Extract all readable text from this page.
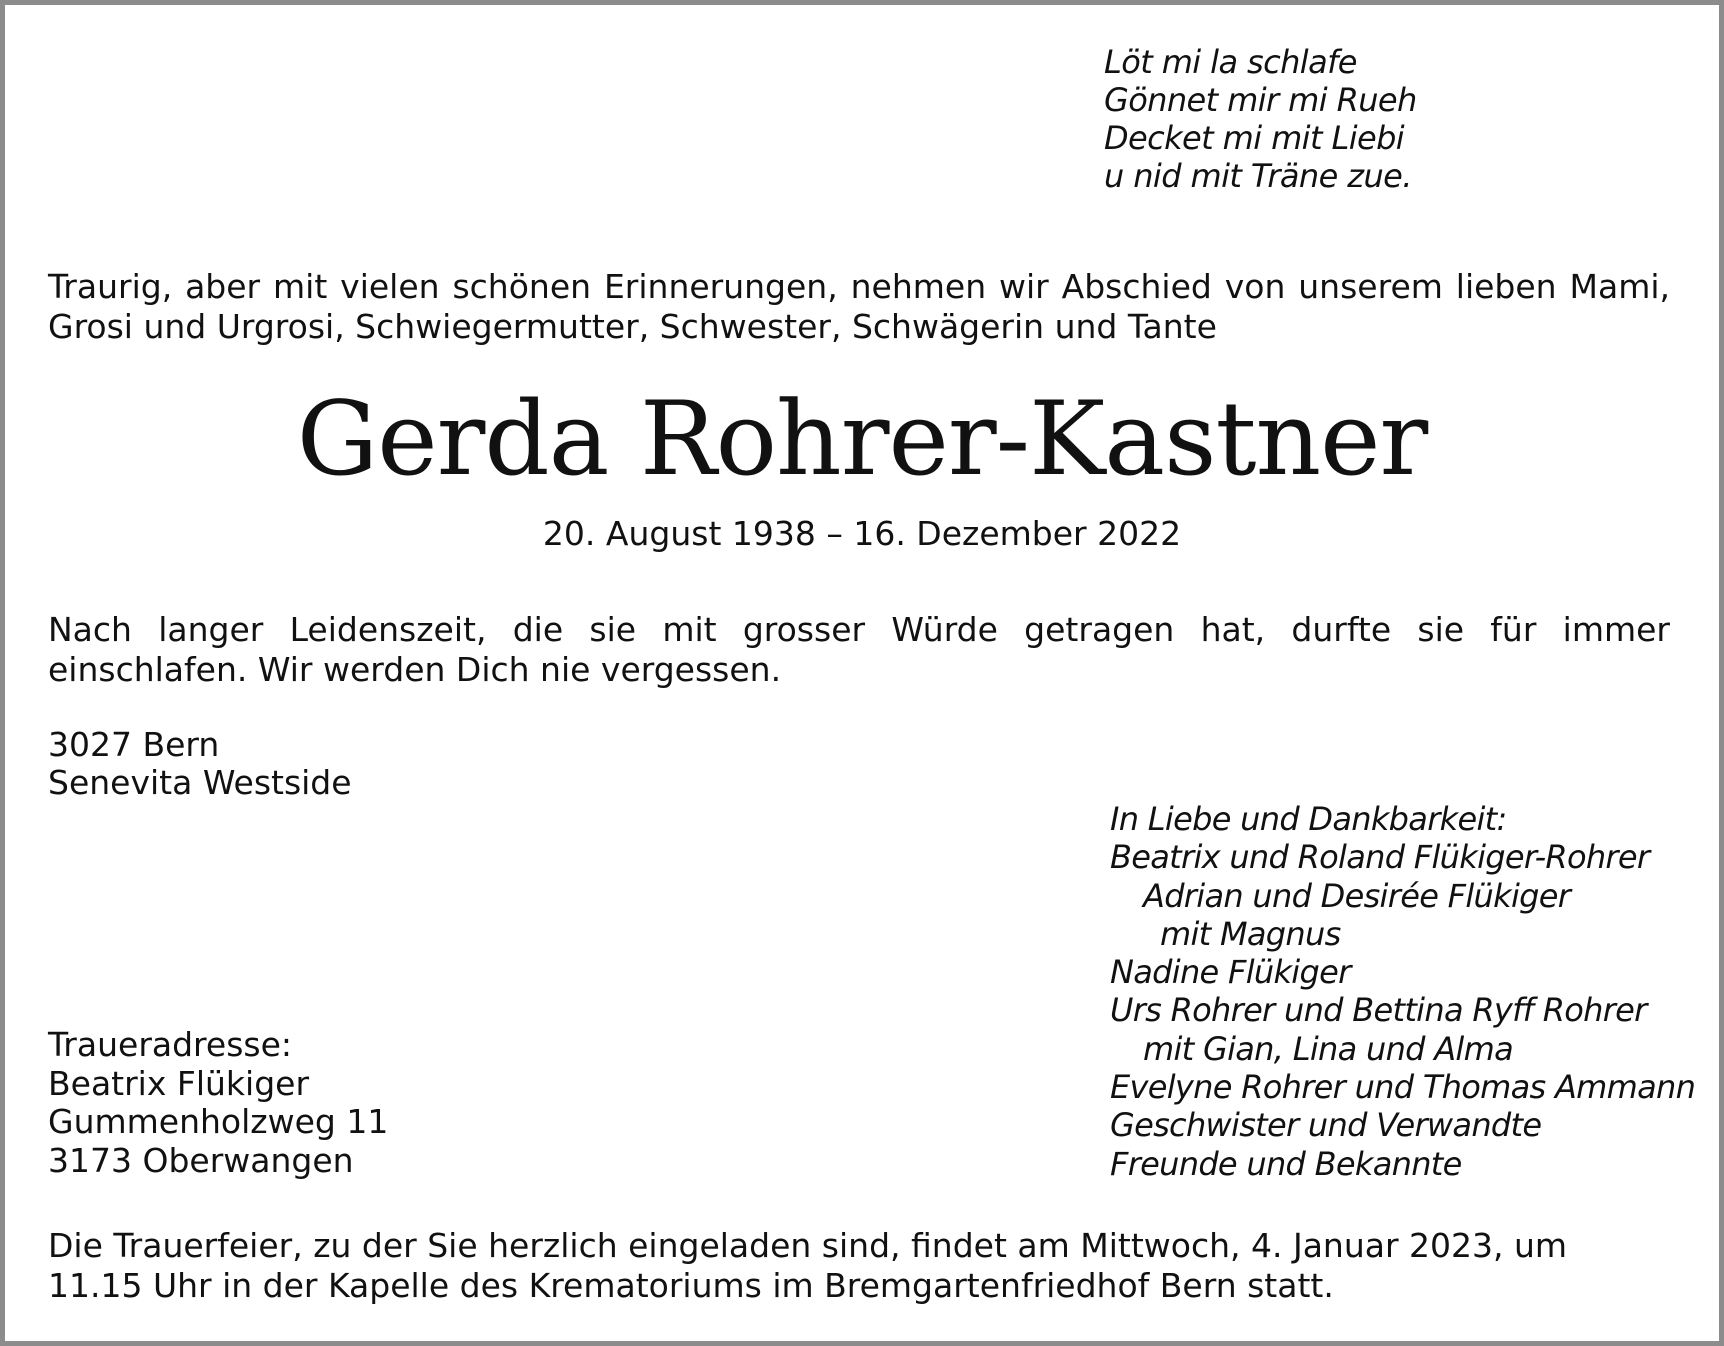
Löt mi la schlafe
Gönnet mir mi Rueh
Decket mi mit Liebi
u nid mit Träne zue.
Traurig, aber mit vielen schönen Erinnerungen, nehmen wir Abschied von unserem lieben Mami, Grosi und Urgrosi, Schwiegermutter, Schwester, Schwägerin und Tante
Gerda Rohrer-Kastner
20. August 1938 – 16. Dezember 2022
Nach langer Leidenszeit, die sie mit grosser Würde getragen hat, durfte sie für immer einschlafen. Wir werden Dich nie vergessen.
3027 Bern
Senevita Westside
In Liebe und Dankbarkeit:
Beatrix und Roland Flükiger-Rohrer
Adrian und Desirée Flükiger
mit Magnus
Nadine Flükiger
Urs Rohrer und Bettina Ryff Rohrer
mit Gian, Lina und Alma
Evelyne Rohrer und Thomas Ammann
Geschwister und Verwandte
Freunde und Bekannte
Traueradresse:
Beatrix Flükiger
Gummenholzweg 11
3173 Oberwangen
Die Trauerfeier, zu der Sie herzlich eingeladen sind, findet am Mittwoch, 4. Januar 2023, um
11.15 Uhr in der Kapelle des Krematoriums im Bremgartenfriedhof Bern statt.
